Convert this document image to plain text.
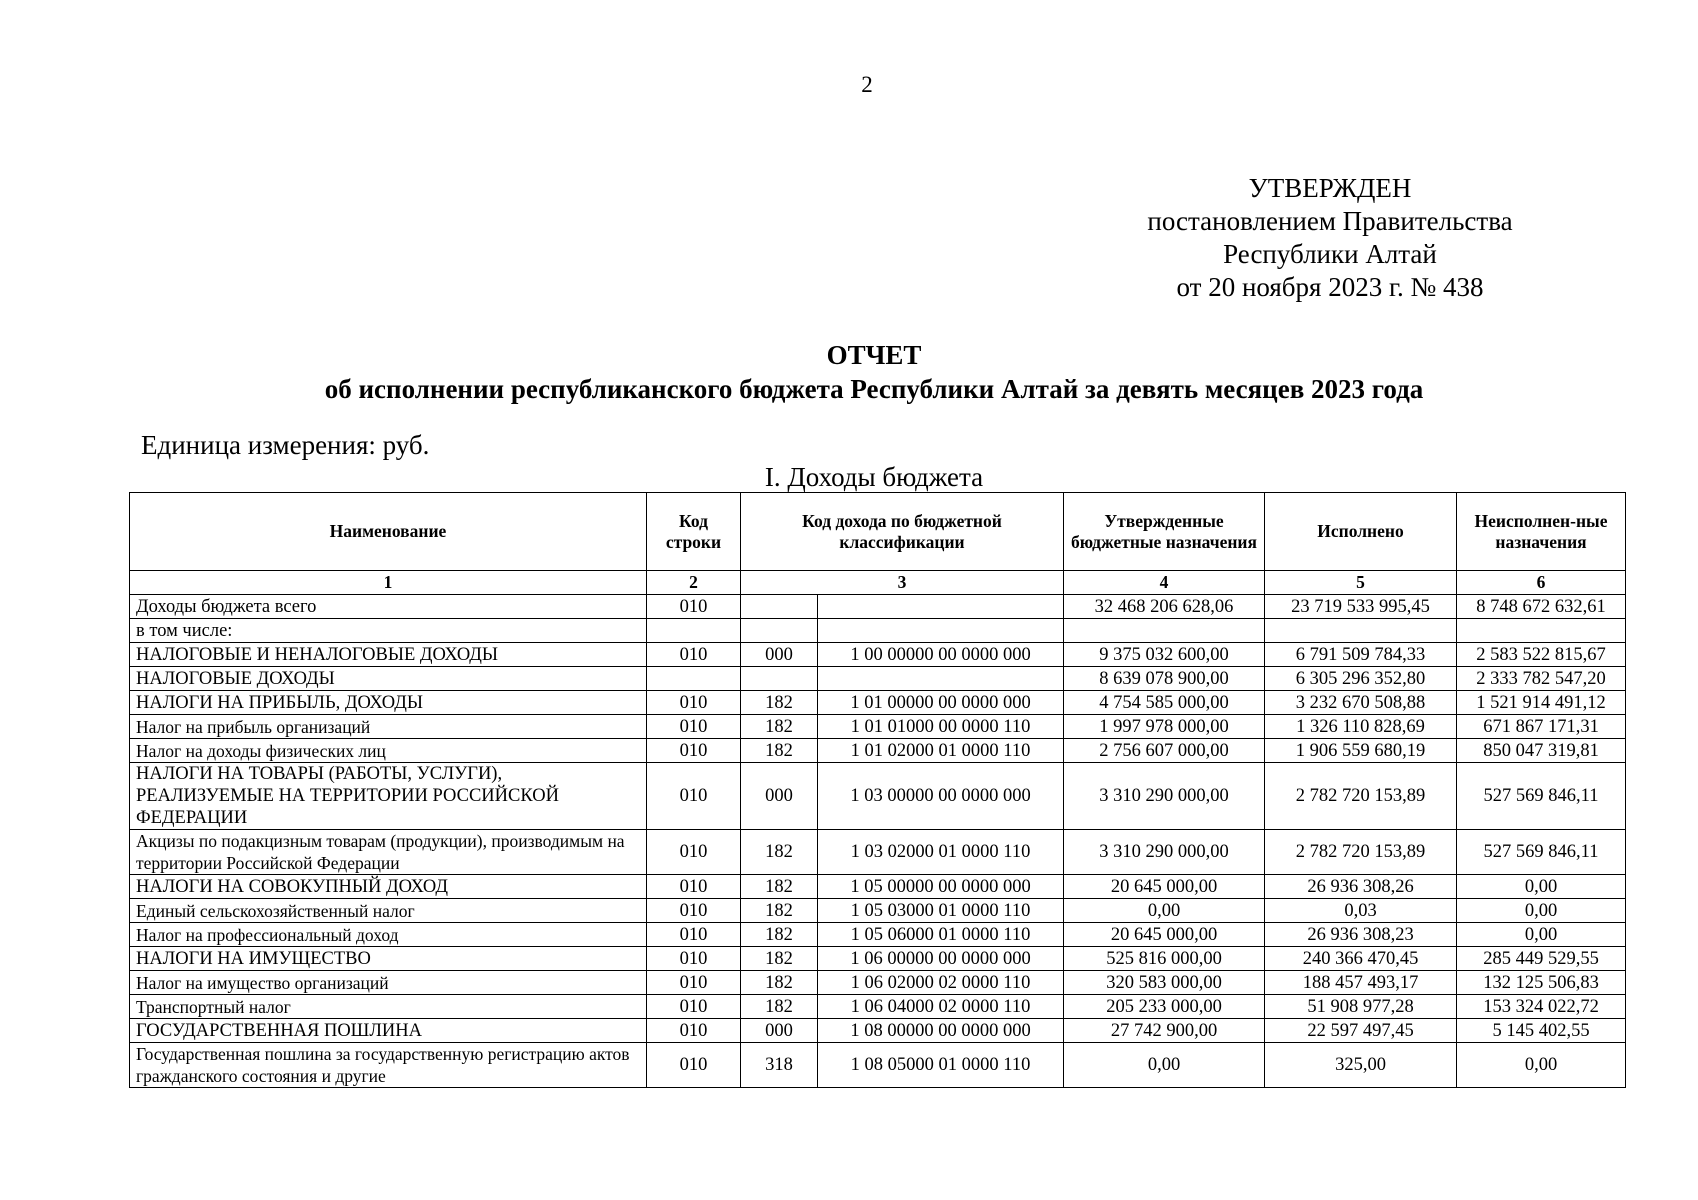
2
УТВЕРЖДЕН
постановлением Правительства
Республики Алтай
от 20 ноября 2023 г. № 438
ОТЧЕТ
об исполнении республиканского бюджета Республики Алтай за девять месяцев 2023 года
Единица измерения: руб.
I. Доходы бюджета
Наименование	Код строки	Код дохода по бюджетной классификации		Утвержденные бюджетные назначения	Исполнено	Неисполнен-ные назначения
1	2	3		4	5	6
Доходы бюджета всего	010			32 468 206 628,06	23 719 533 995,45	8 748 672 632,61
в том числе:						
НАЛОГОВЫЕ И НЕНАЛОГОВЫЕ ДОХОДЫ	010	000	1 00 00000 00 0000 000	9 375 032 600,00	6 791 509 784,33	2 583 522 815,67
НАЛОГОВЫЕ ДОХОДЫ				8 639 078 900,00	6 305 296 352,80	2 333 782 547,20
НАЛОГИ НА ПРИБЫЛЬ, ДОХОДЫ	010	182	1 01 00000 00 0000 000	4 754 585 000,00	3 232 670 508,88	1 521 914 491,12
Налог на прибыль организаций	010	182	1 01 01000 00 0000 110	1 997 978 000,00	1 326 110 828,69	671 867 171,31
Налог на доходы физических лиц	010	182	1 01 02000 01 0000 110	2 756 607 000,00	1 906 559 680,19	850 047 319,81
НАЛОГИ НА ТОВАРЫ (РАБОТЫ, УСЛУГИ), РЕАЛИЗУЕМЫЕ НА ТЕРРИТОРИИ РОССИЙСКОЙ ФЕДЕРАЦИИ	010	000	1 03 00000 00 0000 000	3 310 290 000,00	2 782 720 153,89	527 569 846,11
Акцизы по подакцизным товарам (продукции), производимым на территории Российской Федерации	010	182	1 03 02000 01 0000 110	3 310 290 000,00	2 782 720 153,89	527 569 846,11
НАЛОГИ НА СОВОКУПНЫЙ ДОХОД	010	182	1 05 00000 00 0000 000	20 645 000,00	26 936 308,26	0,00
Единый сельскохозяйственный налог	010	182	1 05 03000 01 0000 110	0,00	0,03	0,00
Налог на профессиональный доход	010	182	1 05 06000 01 0000 110	20 645 000,00	26 936 308,23	0,00
НАЛОГИ НА ИМУЩЕСТВО	010	182	1 06 00000 00 0000 000	525 816 000,00	240 366 470,45	285 449 529,55
Налог на имущество организаций	010	182	1 06 02000 02 0000 110	320 583 000,00	188 457 493,17	132 125 506,83
Транспортный налог	010	182	1 06 04000 02 0000 110	205 233 000,00	51 908 977,28	153 324 022,72
ГОСУДАРСТВЕННАЯ ПОШЛИНА	010	000	1 08 00000 00 0000 000	27 742 900,00	22 597 497,45	5 145 402,55
Государственная пошлина за государственную регистрацию актов гражданского состояния и другие	010	318	1 08 05000 01 0000 110	0,00	325,00	0,00
